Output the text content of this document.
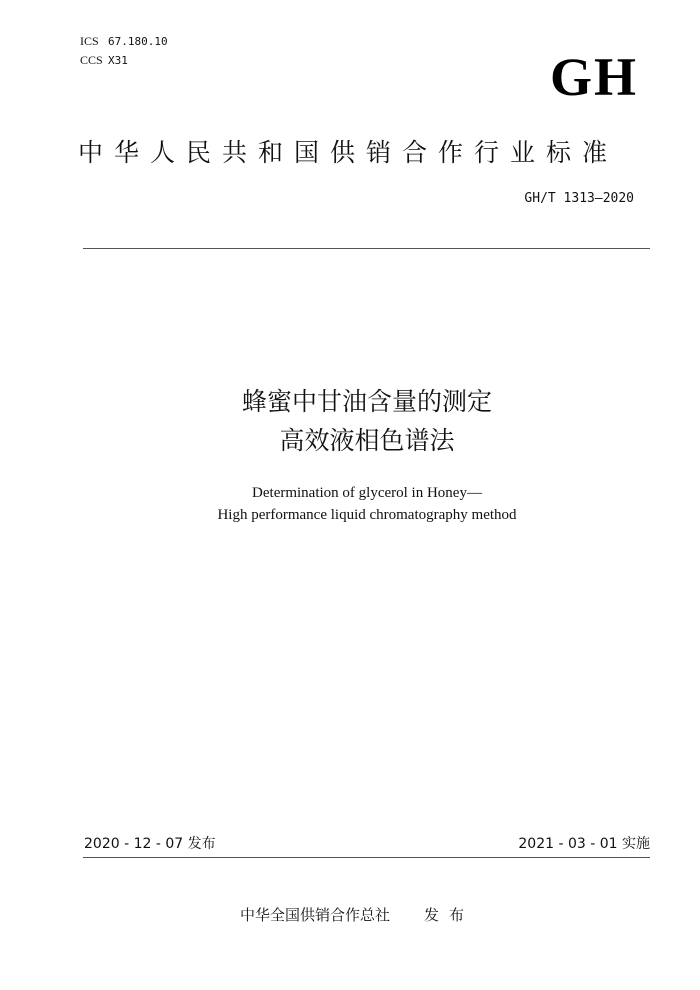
ICS 67.180.10
CCS X31	GH
中华人民共和国供销合作行业标准
GH/T 1313—2020
蜂蜜中甘油含量的测定
高效液相色谱法
Determination of glycerol in Honey—
High performance liquid chromatography method
2020 - 12 - 07 发布	2021 - 03 - 01 实施
中华全国供销合作总社 发布
